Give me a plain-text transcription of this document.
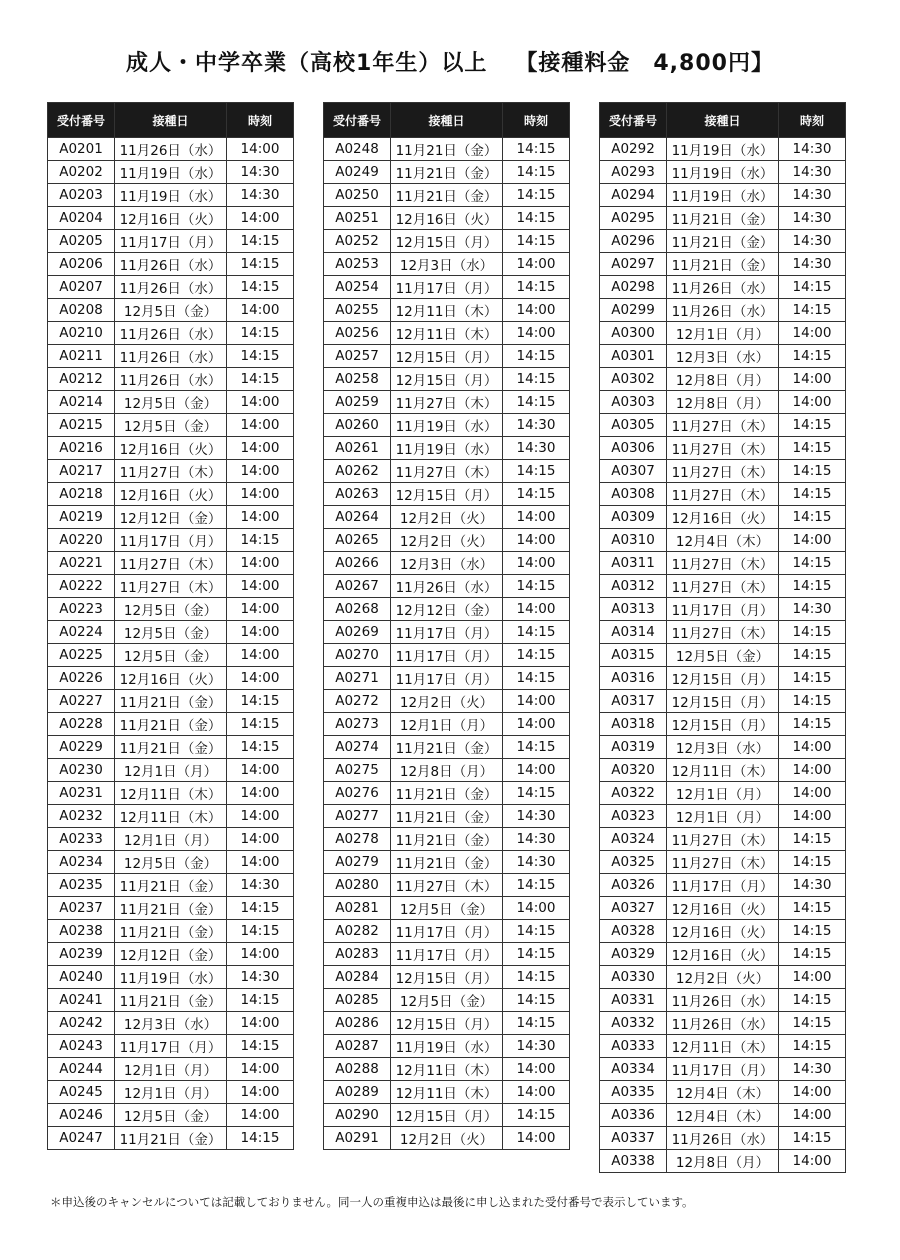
成人・中学卒業（高校1年生）以上 【接種料金　4,800円】
受付番号	接種日	時刻
A0201	11月26日（水）	14:00
A0202	11月19日（水）	14:30
A0203	11月19日（水）	14:30
A0204	12月16日（火）	14:00
A0205	11月17日（月）	14:15
A0206	11月26日（水）	14:15
A0207	11月26日（水）	14:15
A0208	12月5日（金）	14:00
A0210	11月26日（水）	14:15
A0211	11月26日（水）	14:15
A0212	11月26日（水）	14:15
A0214	12月5日（金）	14:00
A0215	12月5日（金）	14:00
A0216	12月16日（火）	14:00
A0217	11月27日（木）	14:00
A0218	12月16日（火）	14:00
A0219	12月12日（金）	14:00
A0220	11月17日（月）	14:15
A0221	11月27日（木）	14:00
A0222	11月27日（木）	14:00
A0223	12月5日（金）	14:00
A0224	12月5日（金）	14:00
A0225	12月5日（金）	14:00
A0226	12月16日（火）	14:00
A0227	11月21日（金）	14:15
A0228	11月21日（金）	14:15
A0229	11月21日（金）	14:15
A0230	12月1日（月）	14:00
A0231	12月11日（木）	14:00
A0232	12月11日（木）	14:00
A0233	12月1日（月）	14:00
A0234	12月5日（金）	14:00
A0235	11月21日（金）	14:30
A0237	11月21日（金）	14:15
A0238	11月21日（金）	14:15
A0239	12月12日（金）	14:00
A0240	11月19日（水）	14:30
A0241	11月21日（金）	14:15
A0242	12月3日（水）	14:00
A0243	11月17日（月）	14:15
A0244	12月1日（月）	14:00
A0245	12月1日（月）	14:00
A0246	12月5日（金）	14:00
A0247	11月21日（金）	14:15
受付番号	接種日	時刻
A0248	11月21日（金）	14:15
A0249	11月21日（金）	14:15
A0250	11月21日（金）	14:15
A0251	12月16日（火）	14:15
A0252	12月15日（月）	14:15
A0253	12月3日（水）	14:00
A0254	11月17日（月）	14:15
A0255	12月11日（木）	14:00
A0256	12月11日（木）	14:00
A0257	12月15日（月）	14:15
A0258	12月15日（月）	14:15
A0259	11月27日（木）	14:15
A0260	11月19日（水）	14:30
A0261	11月19日（水）	14:30
A0262	11月27日（木）	14:15
A0263	12月15日（月）	14:15
A0264	12月2日（火）	14:00
A0265	12月2日（火）	14:00
A0266	12月3日（水）	14:00
A0267	11月26日（水）	14:15
A0268	12月12日（金）	14:00
A0269	11月17日（月）	14:15
A0270	11月17日（月）	14:15
A0271	11月17日（月）	14:15
A0272	12月2日（火）	14:00
A0273	12月1日（月）	14:00
A0274	11月21日（金）	14:15
A0275	12月8日（月）	14:00
A0276	11月21日（金）	14:15
A0277	11月21日（金）	14:30
A0278	11月21日（金）	14:30
A0279	11月21日（金）	14:30
A0280	11月27日（木）	14:15
A0281	12月5日（金）	14:00
A0282	11月17日（月）	14:15
A0283	11月17日（月）	14:15
A0284	12月15日（月）	14:15
A0285	12月5日（金）	14:15
A0286	12月15日（月）	14:15
A0287	11月19日（水）	14:30
A0288	12月11日（木）	14:00
A0289	12月11日（木）	14:00
A0290	12月15日（月）	14:15
A0291	12月2日（火）	14:00
受付番号	接種日	時刻
A0292	11月19日（水）	14:30
A0293	11月19日（水）	14:30
A0294	11月19日（水）	14:30
A0295	11月21日（金）	14:30
A0296	11月21日（金）	14:30
A0297	11月21日（金）	14:30
A0298	11月26日（水）	14:15
A0299	11月26日（水）	14:15
A0300	12月1日（月）	14:00
A0301	12月3日（水）	14:15
A0302	12月8日（月）	14:00
A0303	12月8日（月）	14:00
A0305	11月27日（木）	14:15
A0306	11月27日（木）	14:15
A0307	11月27日（木）	14:15
A0308	11月27日（木）	14:15
A0309	12月16日（火）	14:15
A0310	12月4日（木）	14:00
A0311	11月27日（木）	14:15
A0312	11月27日（木）	14:15
A0313	11月17日（月）	14:30
A0314	11月27日（木）	14:15
A0315	12月5日（金）	14:15
A0316	12月15日（月）	14:15
A0317	12月15日（月）	14:15
A0318	12月15日（月）	14:15
A0319	12月3日（水）	14:00
A0320	12月11日（木）	14:00
A0322	12月1日（月）	14:00
A0323	12月1日（月）	14:00
A0324	11月27日（木）	14:15
A0325	11月27日（木）	14:15
A0326	11月17日（月）	14:30
A0327	12月16日（火）	14:15
A0328	12月16日（火）	14:15
A0329	12月16日（火）	14:15
A0330	12月2日（火）	14:00
A0331	11月26日（水）	14:15
A0332	11月26日（水）	14:15
A0333	12月11日（木）	14:15
A0334	11月17日（月）	14:30
A0335	12月4日（木）	14:00
A0336	12月4日（木）	14:00
A0337	11月26日（水）	14:15
A0338	12月8日（月）	14:00
＊申込後のキャンセルについては記載しておりません。同一人の重複申込は最後に申し込まれた受付番号で表示しています。
